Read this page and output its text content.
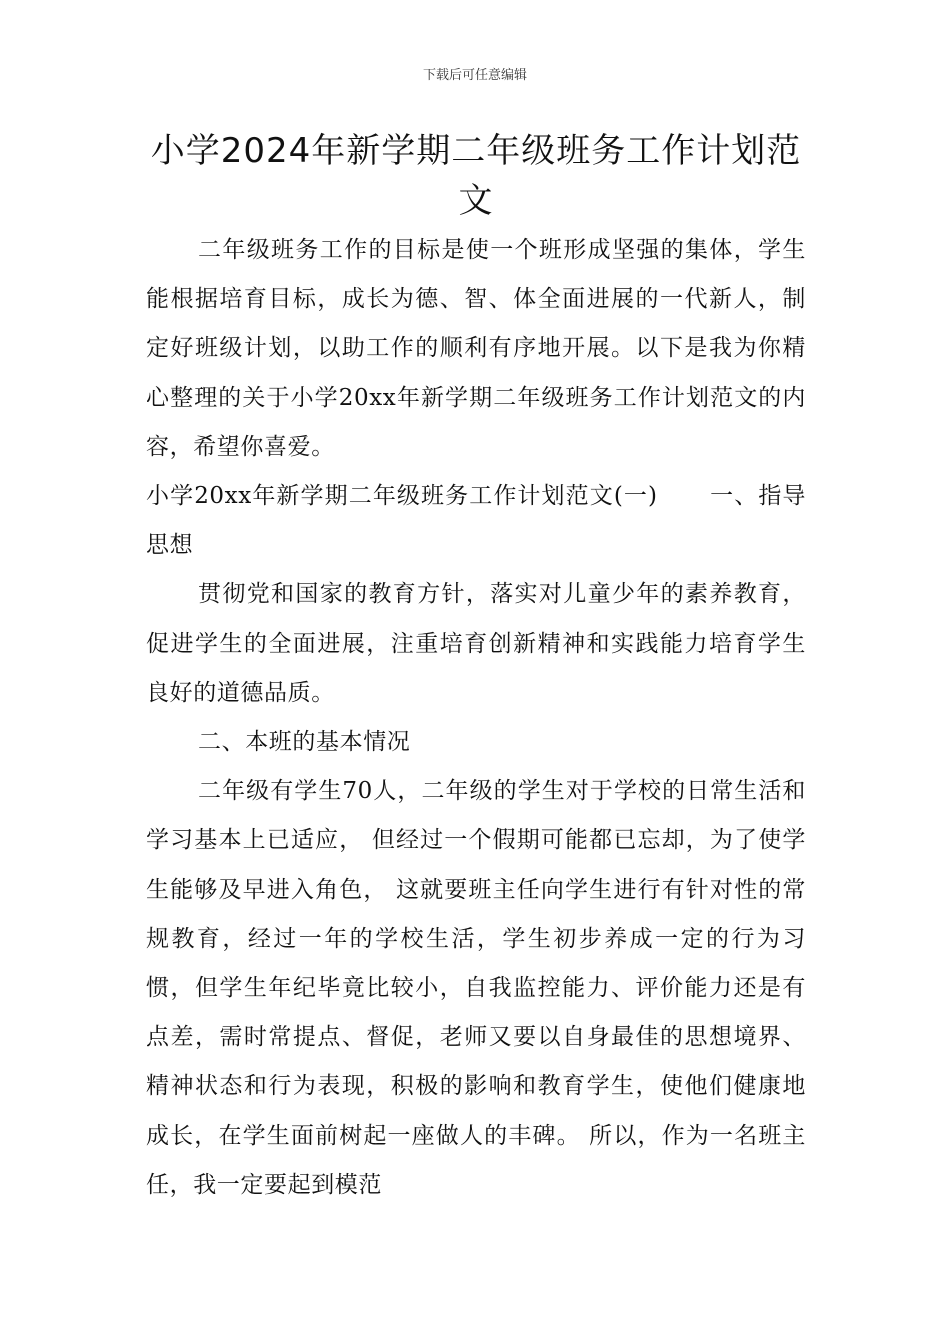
下载后可任意编辑
小学2024年新学期二年级班务工作计划范文

二年级班务工作的目标是使一个班形成坚强的集体，学生能根据培育目标，成长为德、智、体全面进展的一代新人，制定好班级计划，以助工作的顺利有序地开展。以下是我为你精心整理的关于小学20xx年新学期二年级班务工作计划范文的内容，希望你喜爱。

小学20xx年新学期二年级班务工作计划范文(一) 一、指导思想

贯彻党和国家的教育方针，落实对儿童少年的素养教育，促进学生的全面进展，注重培育创新精神和实践能力培育学生良好的道德品质。

二、本班的基本情况

二年级有学生70人，二年级的学生对于学校的日常生活和学习基本上已适应， 但经过一个假期可能都已忘却，为了使学生能够及早进入角色， 这就要班主任向学生进行有针对性的常规教育，经过一年的学校生活，学生初步养成一定的行为习惯，但学生年纪毕竟比较小，自我监控能力、评价能力还是有点差，需时常提点、督促，老师又要以自身最佳的思想境界、精神状态和行为表现，积极的影响和教育学生，使他们健康地成长，在学生面前树起一座做人的丰碑。 所以，作为一名班主任，我一定要起到模范
